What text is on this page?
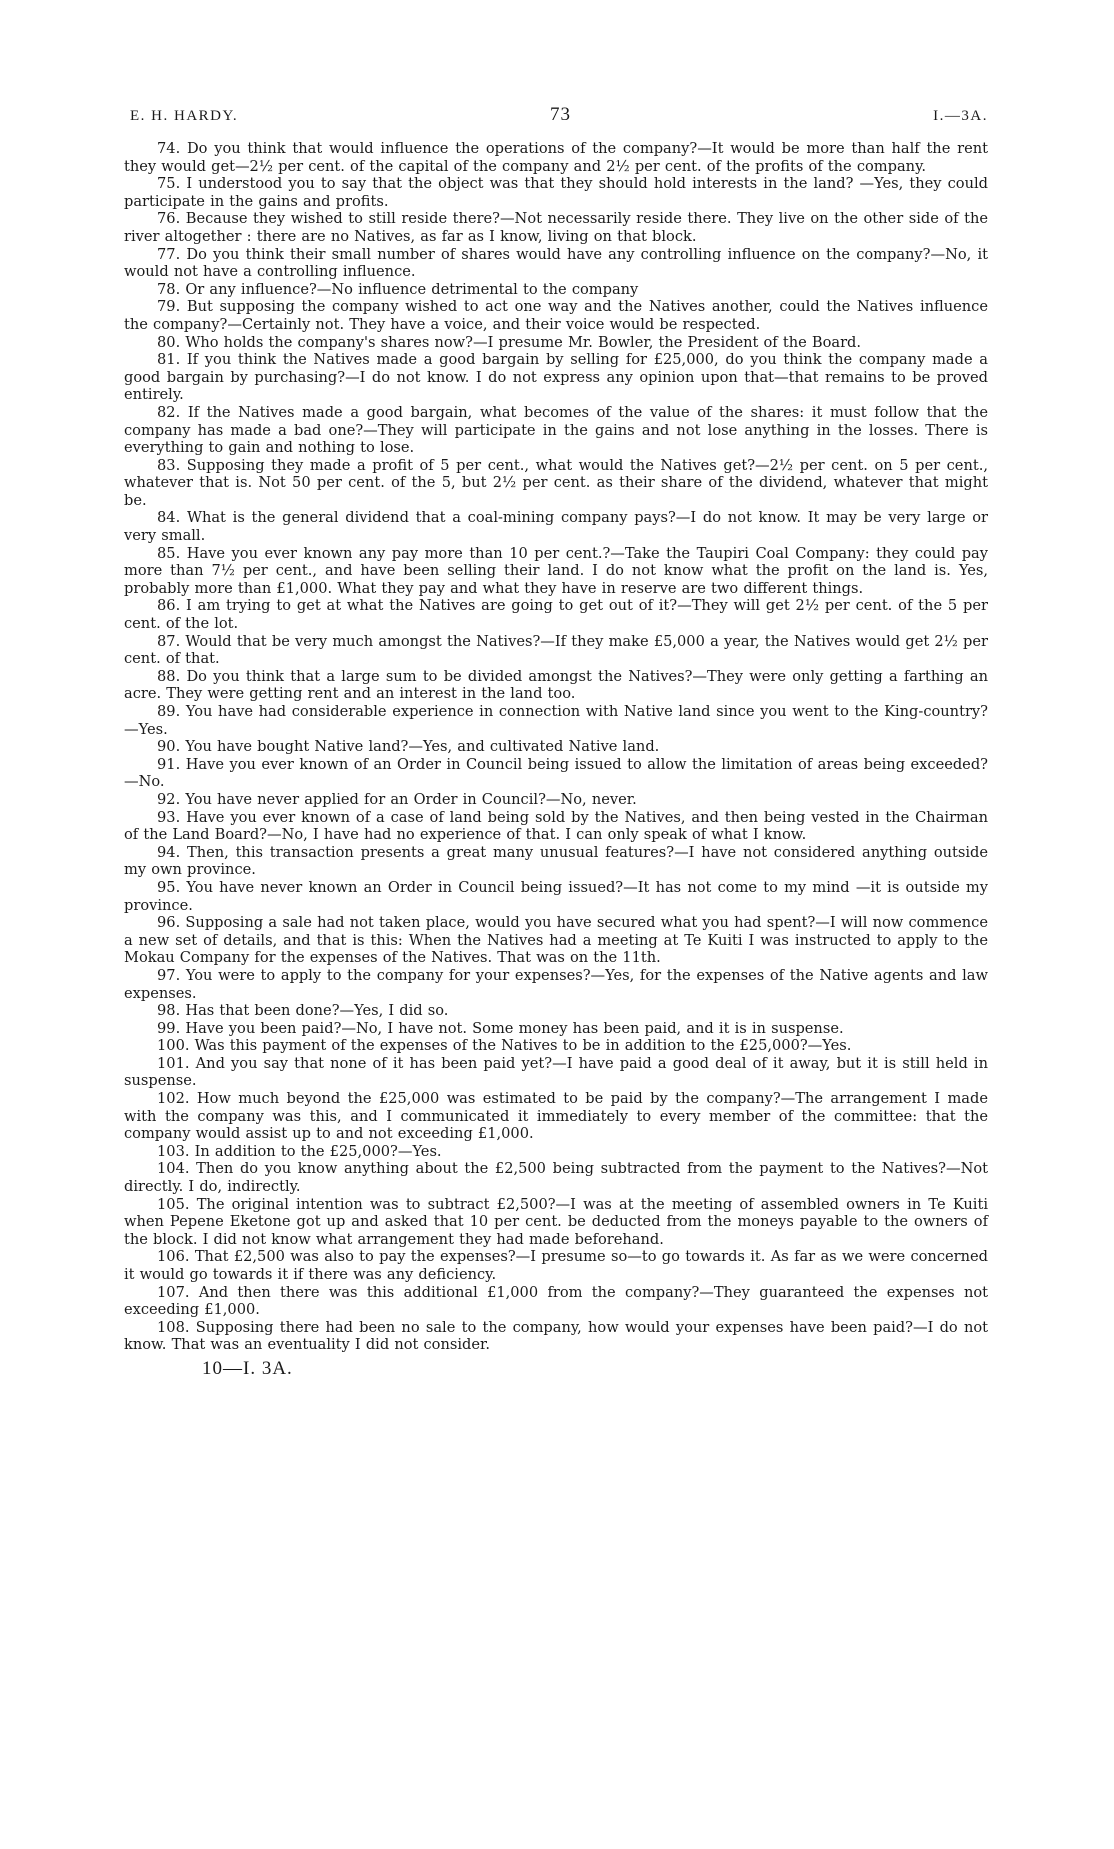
E. H. HARDY.	73	I.—3A.

74. Do you think that would influence the operations of the company?—It would be more than half the rent they would get—2½ per cent. of the capital of the company and 2½ per cent. of the profits of the company.

75. I understood you to say that the object was that they should hold interests in the land? —Yes, they could participate in the gains and profits.

76. Because they wished to still reside there?—Not necessarily reside there. They live on the other side of the river altogether : there are no Natives, as far as I know, living on that block.

77. Do you think their small number of shares would have any controlling influence on the company?—No, it would not have a controlling influence.

78. Or any influence?—No influence detrimental to the company

79. But supposing the company wished to act one way and the Natives another, could the Natives influence the company?—Certainly not. They have a voice, and their voice would be respected.

80. Who holds the company's shares now?—I presume Mr. Bowler, the President of the Board.

81. If you think the Natives made a good bargain by selling for £25,000, do you think the company made a good bargain by purchasing?—I do not know. I do not express any opinion upon that—that remains to be proved entirely.

82. If the Natives made a good bargain, what becomes of the value of the shares: it must follow that the company has made a bad one?—They will participate in the gains and not lose anything in the losses. There is everything to gain and nothing to lose.

83. Supposing they made a profit of 5 per cent., what would the Natives get?—2½ per cent. on 5 per cent., whatever that is. Not 50 per cent. of the 5, but 2½ per cent. as their share of the dividend, whatever that might be.

84. What is the general dividend that a coal-mining company pays?—I do not know. It may be very large or very small.

85. Have you ever known any pay more than 10 per cent.?—Take the Taupiri Coal Company: they could pay more than 7½ per cent., and have been selling their land. I do not know what the profit on the land is. Yes, probably more than £1,000. What they pay and what they have in reserve are two different things.

86. I am trying to get at what the Natives are going to get out of it?—They will get 2½ per cent. of the 5 per cent. of the lot.

87. Would that be very much amongst the Natives?—If they make £5,000 a year, the Natives would get 2½ per cent. of that.

88. Do you think that a large sum to be divided amongst the Natives?—They were only getting a farthing an acre. They were getting rent and an interest in the land too.

89. You have had considerable experience in connection with Native land since you went to the King-country?—Yes.

90. You have bought Native land?—Yes, and cultivated Native land.

91. Have you ever known of an Order in Council being issued to allow the limitation of areas being exceeded?—No.

92. You have never applied for an Order in Council?—No, never.

93. Have you ever known of a case of land being sold by the Natives, and then being vested in the Chairman of the Land Board?—No, I have had no experience of that. I can only speak of what I know.

94. Then, this transaction presents a great many unusual features?—I have not considered anything outside my own province.

95. You have never known an Order in Council being issued?—It has not come to my mind —it is outside my province.

96. Supposing a sale had not taken place, would you have secured what you had spent?—I will now commence a new set of details, and that is this: When the Natives had a meeting at Te Kuiti I was instructed to apply to the Mokau Company for the expenses of the Natives. That was on the 11th.

97. You were to apply to the company for your expenses?—Yes, for the expenses of the Native agents and law expenses.

98. Has that been done?—Yes, I did so.

99. Have you been paid?—No, I have not. Some money has been paid, and it is in suspense.

100. Was this payment of the expenses of the Natives to be in addition to the £25,000?—Yes.

101. And you say that none of it has been paid yet?—I have paid a good deal of it away, but it is still held in suspense.

102. How much beyond the £25,000 was estimated to be paid by the company?—The arrangement I made with the company was this, and I communicated it immediately to every member of the committee: that the company would assist up to and not exceeding £1,000.

103. In addition to the £25,000?—Yes.

104. Then do you know anything about the £2,500 being subtracted from the payment to the Natives?—Not directly. I do, indirectly.

105. The original intention was to subtract £2,500?—I was at the meeting of assembled owners in Te Kuiti when Pepene Eketone got up and asked that 10 per cent. be deducted from the moneys payable to the owners of the block. I did not know what arrangement they had made beforehand.

106. That £2,500 was also to pay the expenses?—I presume so—to go towards it. As far as we were concerned it would go towards it if there was any deficiency.

107. And then there was this additional £1,000 from the company?—They guaranteed the expenses not exceeding £1,000.

108. Supposing there had been no sale to the company, how would your expenses have been paid?—I do not know. That was an eventuality I did not consider.

10—I. 3A.
